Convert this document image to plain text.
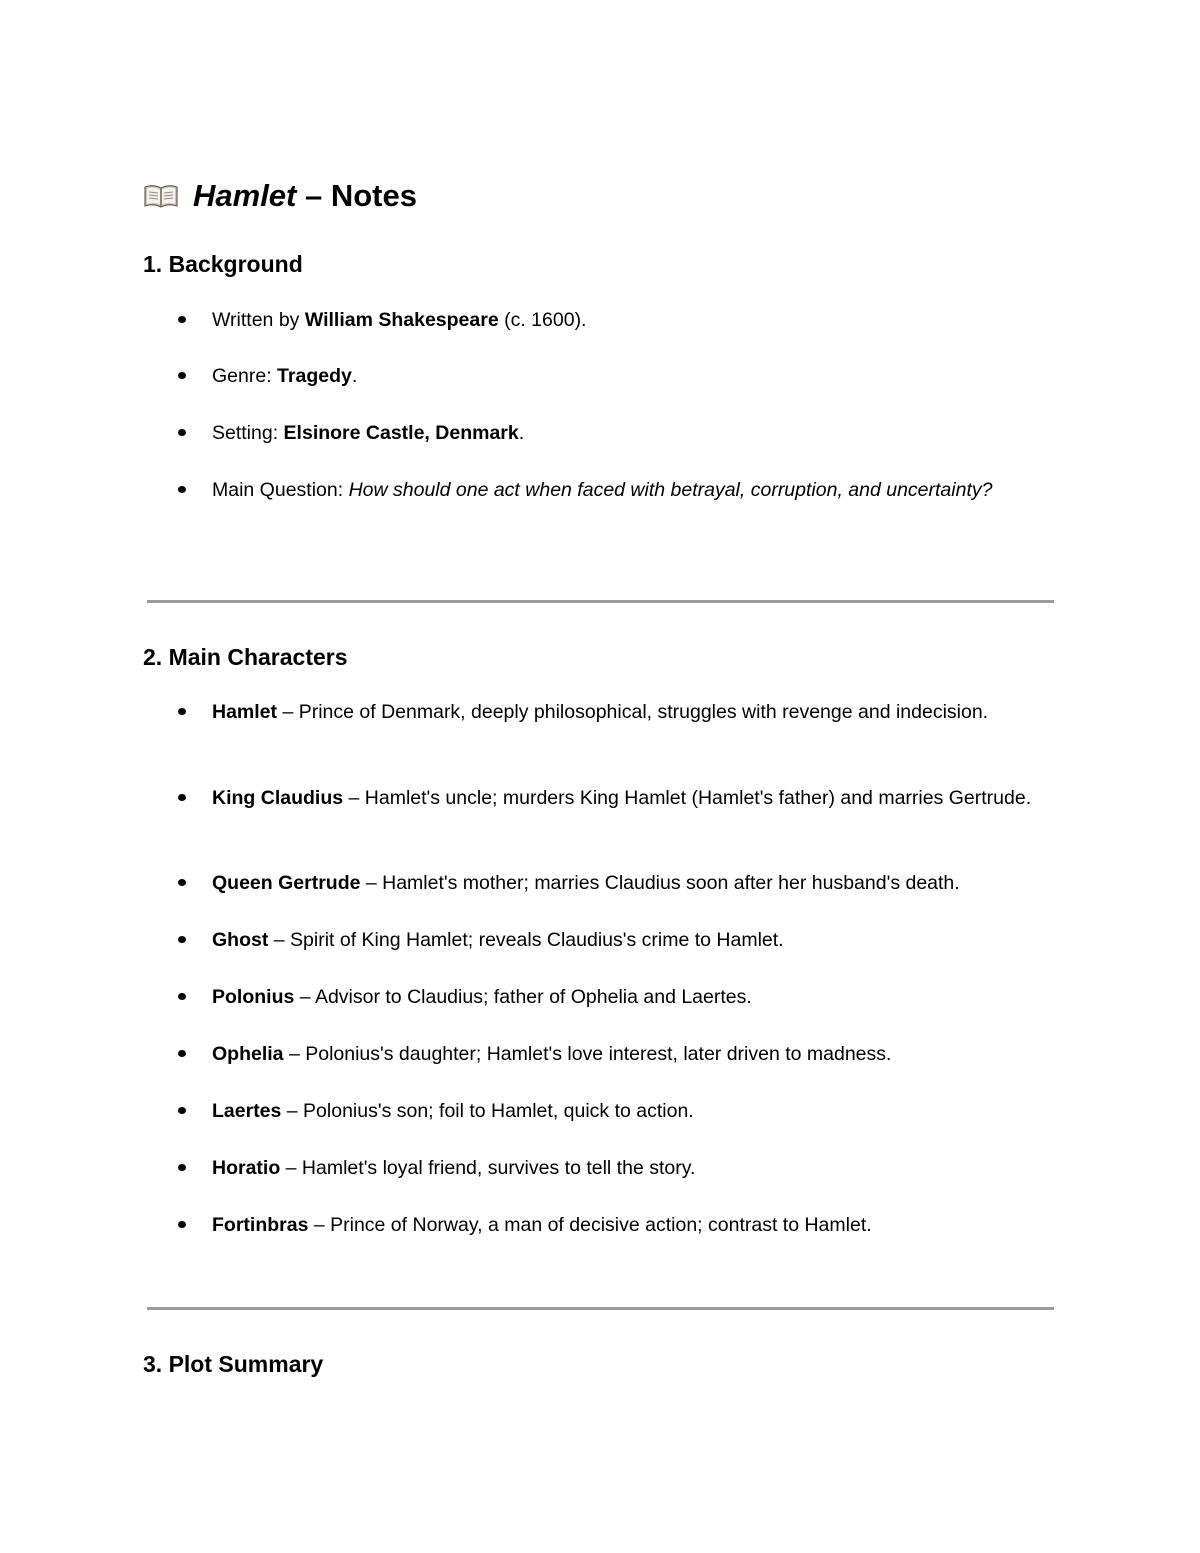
Hamlet – Notes
1. Background
Written by William Shakespeare (c. 1600).
Genre: Tragedy.
Setting: Elsinore Castle, Denmark.
Main Question: How should one act when faced with betrayal, corruption, and uncertainty?
2. Main Characters
Hamlet – Prince of Denmark, deeply philosophical, struggles with revenge and indecision.
King Claudius – Hamlet's uncle; murders King Hamlet (Hamlet's father) and marries Gertrude.
Queen Gertrude – Hamlet's mother; marries Claudius soon after her husband's death.
Ghost – Spirit of King Hamlet; reveals Claudius's crime to Hamlet.
Polonius – Advisor to Claudius; father of Ophelia and Laertes.
Ophelia – Polonius's daughter; Hamlet's love interest, later driven to madness.
Laertes – Polonius's son; foil to Hamlet, quick to action.
Horatio – Hamlet's loyal friend, survives to tell the story.
Fortinbras – Prince of Norway, a man of decisive action; contrast to Hamlet.
3. Plot Summary
